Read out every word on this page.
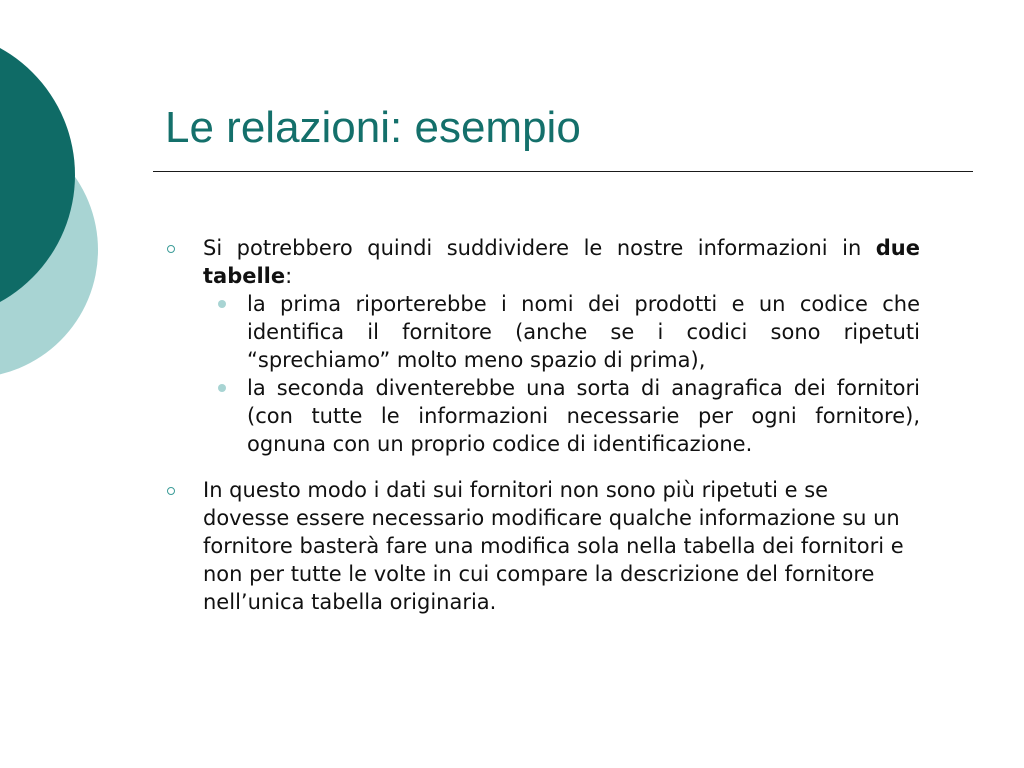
Le relazioni: esempio
Si potrebbero quindi suddividere le nostre informazioni in due tabelle:
la prima riporterebbe i nomi dei prodotti e un codice che identifica il fornitore (anche se i codici sono ripetuti “sprechiamo” molto meno spazio di prima),
la seconda diventerebbe una sorta di anagrafica dei fornitori (con tutte le informazioni necessarie per ogni fornitore), ognuna con un proprio codice di identificazione.
In questo modo i dati sui fornitori non sono più ripetuti e se dovesse essere necessario modificare qualche informazione su un fornitore basterà fare una modifica sola nella tabella dei fornitori e non per tutte le volte in cui compare la descrizione del fornitore nell’unica tabella originaria.
